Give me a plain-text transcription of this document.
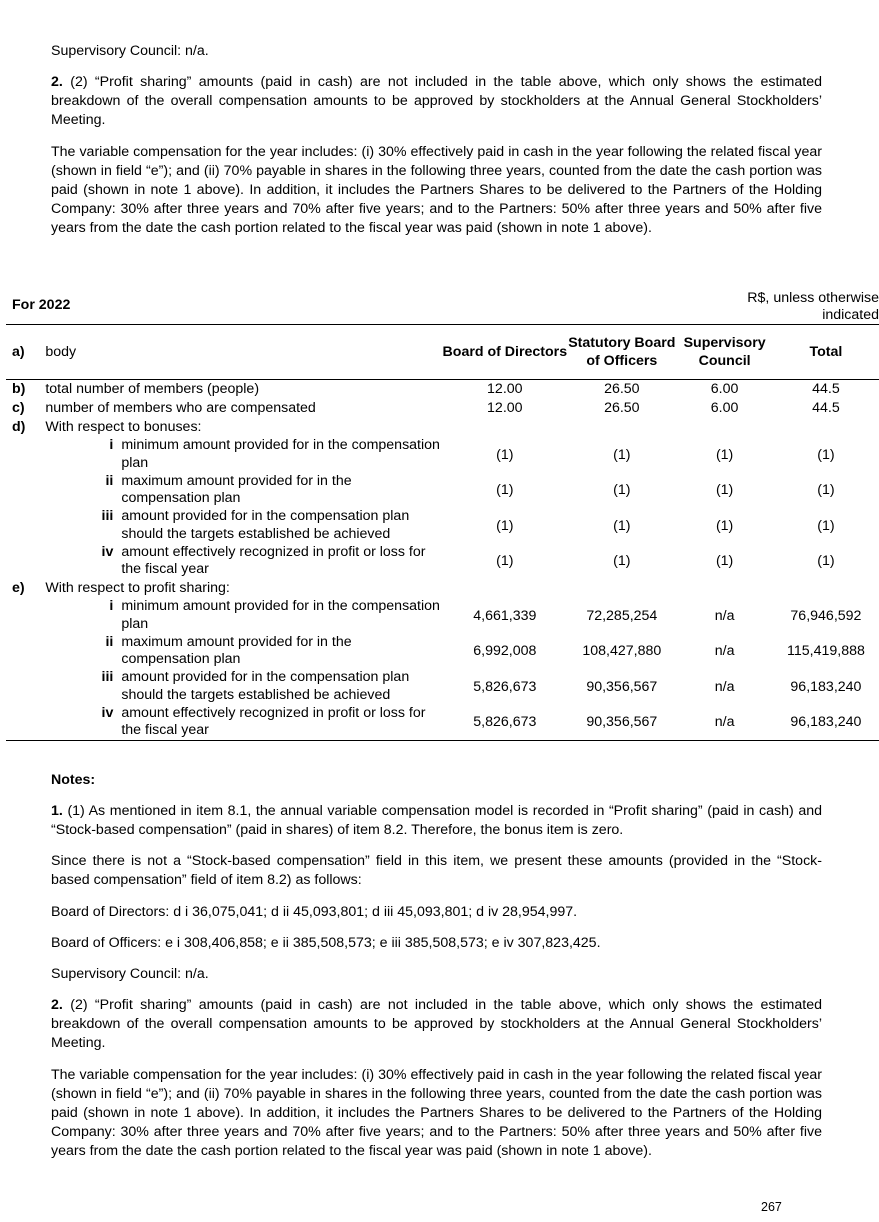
Supervisory Council: n/a.

2. (2) “Profit sharing” amounts (paid in cash) are not included in the table above, which only shows the estimated breakdown of the overall compensation amounts to be approved by stockholders at the Annual General Stockholders’ Meeting.

The variable compensation for the year includes: (i) 30% effectively paid in cash in the year following the related fiscal year (shown in field “e”); and (ii) 70% payable in shares in the following three years, counted from the date the cash portion was paid (shown in note 1 above). In addition, it includes the Partners Shares to be delivered to the Partners of the Holding Company: 30% after three years and 70% after five years; and to the Partners: 50% after three years and 50% after five years from the date the cash portion related to the fiscal year was paid (shown in note 1 above).

For 2022	R$, unless otherwise
indicated
a)	body	Board of Directors	Statutory Board of Officers	Supervisory Council	Total
b)	total number of members (people)	12.00	26.50	6.00	44.5
c)	number of members who are compensated	12.00	26.50	6.00	44.5
d)	With respect to bonuses:				

	i minimum amount provided for in the compensation plan	(1)	(1)	(1)	(1)

	ii maximum amount provided for in the compensation plan	(1)	(1)	(1)	(1)

	iii amount provided for in the compensation plan should the targets established be achieved	(1)	(1)	(1)	(1)

	iv amount effectively recognized in profit or loss for the fiscal year	(1)	(1)	(1)	(1)
e)	With respect to profit sharing:				

	i minimum amount provided for in the compensation plan	4,661,339	72,285,254	n/a	76,946,592

	ii maximum amount provided for in the compensation plan	6,992,008	108,427,880	n/a	115,419,888

	iii amount provided for in the compensation plan should the targets established be achieved	5,826,673	90,356,567	n/a	96,183,240

	iv amount effectively recognized in profit or loss for the fiscal year	5,826,673	90,356,567	n/a	96,183,240

Notes:

1. (1) As mentioned in item 8.1, the annual variable compensation model is recorded in “Profit sharing” (paid in cash) and “Stock-based compensation” (paid in shares) of item 8.2. Therefore, the bonus item is zero.

Since there is not a “Stock-based compensation” field in this item, we present these amounts (provided in the “Stock-based compensation” field of item 8.2) as follows:

Board of Directors: d i 36,075,041; d ii 45,093,801; d iii 45,093,801; d iv 28,954,997.

Board of Officers: e i 308,406,858; e ii 385,508,573; e iii 385,508,573; e iv 307,823,425.

Supervisory Council: n/a.

2. (2) “Profit sharing” amounts (paid in cash) are not included in the table above, which only shows the estimated breakdown of the overall compensation amounts to be approved by stockholders at the Annual General Stockholders’ Meeting.

The variable compensation for the year includes: (i) 30% effectively paid in cash in the year following the related fiscal year (shown in field “e”); and (ii) 70% payable in shares in the following three years, counted from the date the cash portion was paid (shown in note 1 above). In addition, it includes the Partners Shares to be delivered to the Partners of the Holding Company: 30% after three years and 70% after five years; and to the Partners: 50% after three years and 50% after five years from the date the cash portion related to the fiscal year was paid (shown in note 1 above).

267
